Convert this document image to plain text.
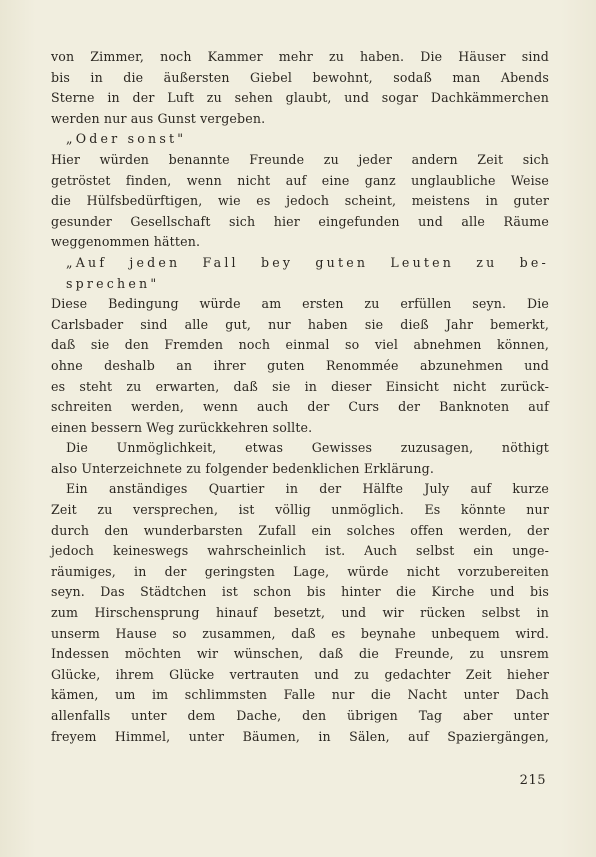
von Zimmer, noch Kammer mehr zu haben. Die Häuser sind
bis in die äußersten Giebel bewohnt, sodaß man Abends
Sterne in der Luft zu sehen glaubt, und sogar Dachkämmerchen
werden nur aus Gunst vergeben.
„Oder sonst"
Hier würden benannte Freunde zu jeder andern Zeit sich
getröstet finden, wenn nicht auf eine ganz unglaubliche Weise
die Hülfsbedürftigen, wie es jedoch scheint, meistens in guter
gesunder Gesellschaft sich hier eingefunden und alle Räume
weggenommen hätten.
„Auf jeden Fall bey guten Leuten zu be-
sprechen"
Diese Bedingung würde am ersten zu erfüllen seyn. Die
Carlsbader sind alle gut, nur haben sie dieß Jahr bemerkt,
daß sie den Fremden noch einmal so viel abnehmen können,
ohne deshalb an ihrer guten Renommée abzunehmen und
es steht zu erwarten, daß sie in dieser Einsicht nicht zurück-
schreiten werden, wenn auch der Curs der Banknoten auf
einen bessern Weg zurückkehren sollte.
Die Unmöglichkeit, etwas Gewisses zuzusagen, nöthigt
also Unterzeichnete zu folgender bedenklichen Erklärung.
Ein anständiges Quartier in der Hälfte July auf kurze
Zeit zu versprechen, ist völlig unmöglich. Es könnte nur
durch den wunderbarsten Zufall ein solches offen werden, der
jedoch keineswegs wahrscheinlich ist. Auch selbst ein unge-
räumiges, in der geringsten Lage, würde nicht vorzubereiten
seyn. Das Städtchen ist schon bis hinter die Kirche und bis
zum Hirschensprung hinauf besetzt, und wir rücken selbst in
unserm Hause so zusammen, daß es beynahe unbequem wird.
Indessen möchten wir wünschen, daß die Freunde, zu unsrem
Glücke, ihrem Glücke vertrauten und zu gedachter Zeit hieher
kämen, um im schlimmsten Falle nur die Nacht unter Dach
allenfalls unter dem Dache, den übrigen Tag aber unter
freyem Himmel, unter Bäumen, in Sälen, auf Spaziergängen,
215
